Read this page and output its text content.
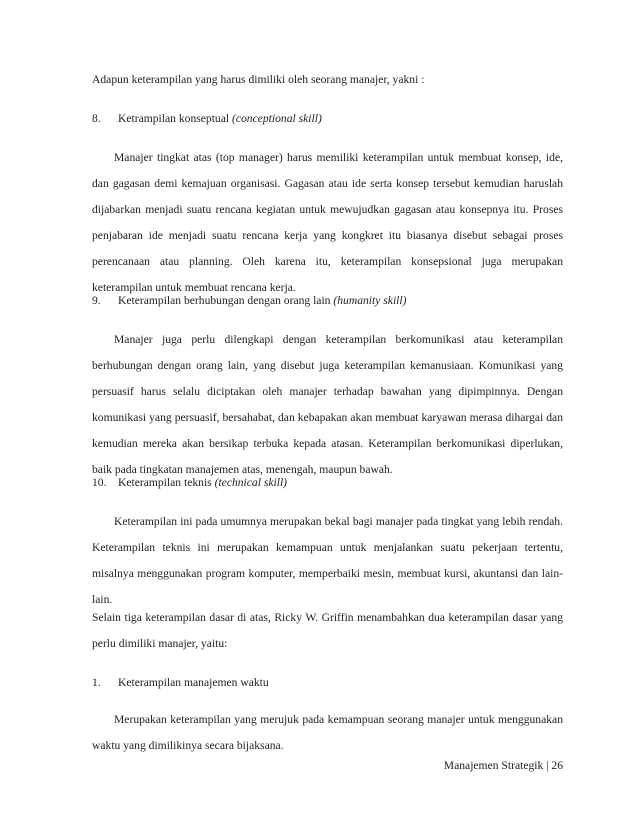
Adapun keterampilan yang harus dimiliki oleh seorang manajer, yakni :

8. Ketrampilan konseptual (conceptional skill)

Manajer tingkat atas (top manager) harus memiliki keterampilan untuk membuat konsep, ide, dan gagasan demi kemajuan organisasi. Gagasan atau ide serta konsep tersebut kemudian haruslah dijabarkan menjadi suatu rencana kegiatan untuk mewujudkan gagasan atau konsepnya itu. Proses penjabaran ide menjadi suatu rencana kerja yang kongkret itu biasanya disebut sebagai proses perencanaan atau planning. Oleh karena itu, keterampilan konsepsional juga merupakan keterampilan untuk membuat rencana kerja.

9. Keterampilan berhubungan dengan orang lain (humanity skill)

Manajer juga perlu dilengkapi dengan keterampilan berkomunikasi atau keterampilan berhubungan dengan orang lain, yang disebut juga keterampilan kemanusiaan. Komunikasi yang persuasif harus selalu diciptakan oleh manajer terhadap bawahan yang dipimpinnya. Dengan komunikasi yang persuasif, bersahabat, dan kebapakan akan membuat karyawan merasa dihargai dan kemudian mereka akan bersikap terbuka kepada atasan. Keterampilan berkomunikasi diperlukan, baik pada tingkatan manajemen atas, menengah, maupun bawah.

10. Keterampilan teknis (technical skill)

Keterampilan ini pada umumnya merupakan bekal bagi manajer pada tingkat yang lebih rendah. Keterampilan teknis ini merupakan kemampuan untuk menjalankan suatu pekerjaan tertentu, misalnya menggunakan program komputer, memperbaiki mesin, membuat kursi, akuntansi dan lain-lain.

Selain tiga keterampilan dasar di atas, Ricky W. Griffin menambahkan dua keterampilan dasar yang perlu dimiliki manajer, yaitu:

1. Keterampilan manajemen waktu

Merupakan keterampilan yang merujuk pada kemampuan seorang manajer untuk menggunakan waktu yang dimilikinya secara bijaksana.

Manajemen Strategik | 26
